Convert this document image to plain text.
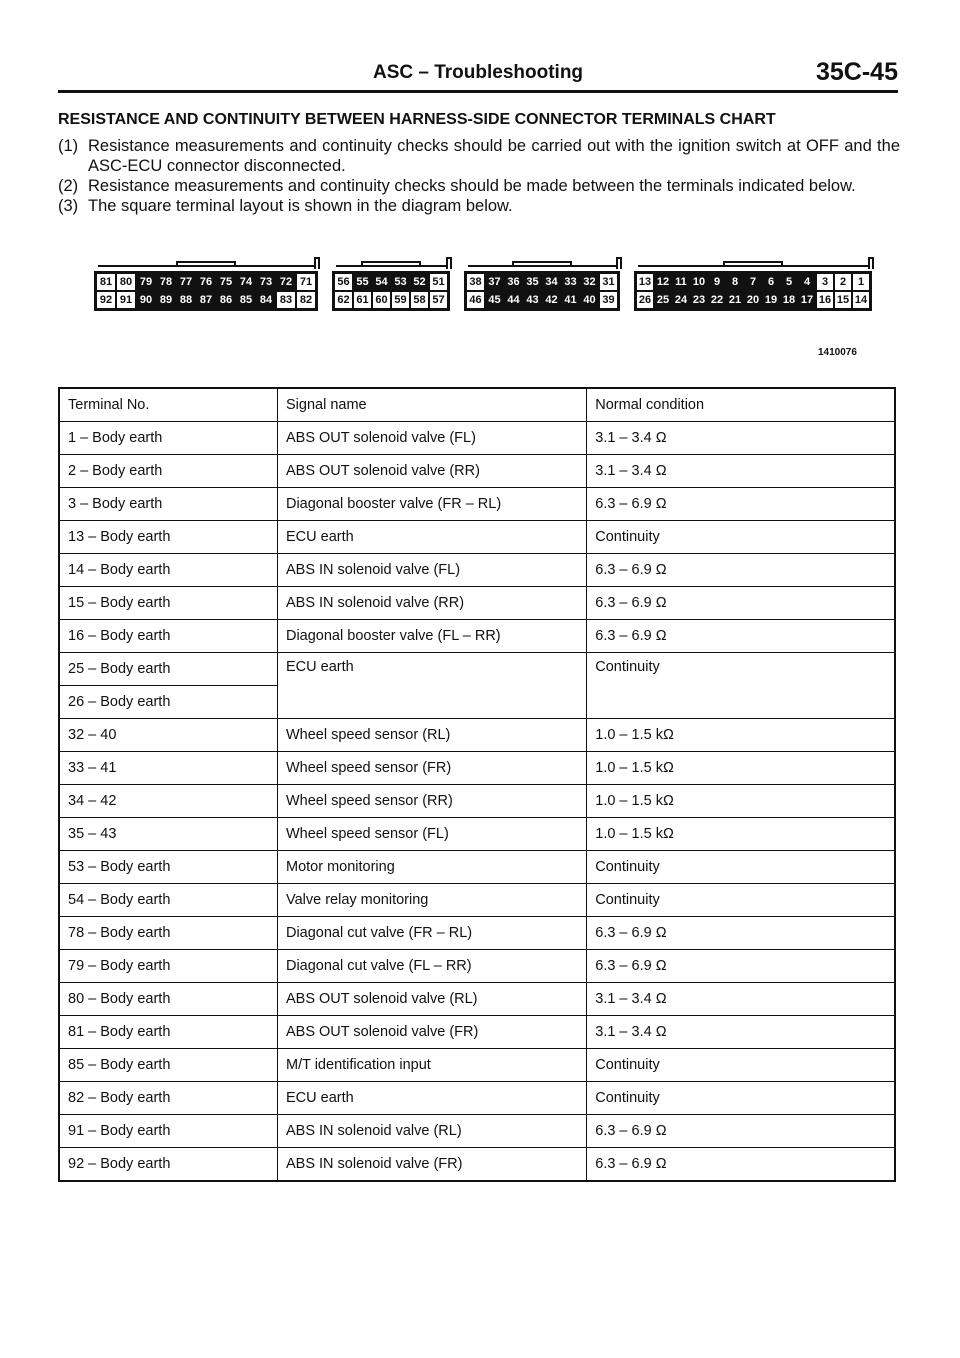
ASC – Troubleshooting	35C-45
RESISTANCE AND CONTINUITY BETWEEN HARNESS-SIDE CONNECTOR TERMINALS CHART
(1) Resistance measurements and continuity checks should be carried out with the ignition switch at OFF and the ASC-ECU connector disconnected.
(2) Resistance measurements and continuity checks should be made between the terminals indicated below.
(3) The square terminal layout is shown in the diagram below.
81 80 79 78 77 76 75 74 73 72 71
92 91 90 89 88 87 86 85 84 83 82
56 55 54 53 52 51
62 61 60 59 58 57
38 37 36 35 34 33 32 31
46 45 44 43 42 41 40 39
13 12 11 10 9	8	7	6	5	4	3	2	1
26 25 24 23 22 21 20 19 18 17 16 15 14
1410076
Terminal No.	Signal name	Normal condition
1 – Body earth	ABS OUT solenoid valve (FL)	3.1 – 3.4 Ω
2 – Body earth	ABS OUT solenoid valve (RR)	3.1 – 3.4 Ω
3 – Body earth	Diagonal booster valve (FR – RL)	6.3 – 6.9 Ω
13 – Body earth	ECU earth	Continuity
14 – Body earth	ABS IN solenoid valve (FL)	6.3 – 6.9 Ω
15 – Body earth	ABS IN solenoid valve (RR)	6.3 – 6.9 Ω
16 – Body earth	Diagonal booster valve (FL – RR)	6.3 – 6.9 Ω
25 – Body earth	ECU earth	Continuity
26 – Body earth		
32 – 40	Wheel speed sensor (RL)	1.0 – 1.5 kΩ
33 – 41	Wheel speed sensor (FR)	1.0 – 1.5 kΩ
34 – 42	Wheel speed sensor (RR)	1.0 – 1.5 kΩ
35 – 43	Wheel speed sensor (FL)	1.0 – 1.5 kΩ
53 – Body earth	Motor monitoring	Continuity
54 – Body earth	Valve relay monitoring	Continuity
78 – Body earth	Diagonal cut valve (FR – RL)	6.3 – 6.9 Ω
79 – Body earth	Diagonal cut valve (FL – RR)	6.3 – 6.9 Ω
80 – Body earth	ABS OUT solenoid valve (RL)	3.1 – 3.4 Ω
81 – Body earth	ABS OUT solenoid valve (FR)	3.1 – 3.4 Ω
85 – Body earth	M/T identification input	Continuity
82 – Body earth	ECU earth	Continuity
91 – Body earth	ABS IN solenoid valve (RL)	6.3 – 6.9 Ω
92 – Body earth	ABS IN solenoid valve (FR)	6.3 – 6.9 Ω
